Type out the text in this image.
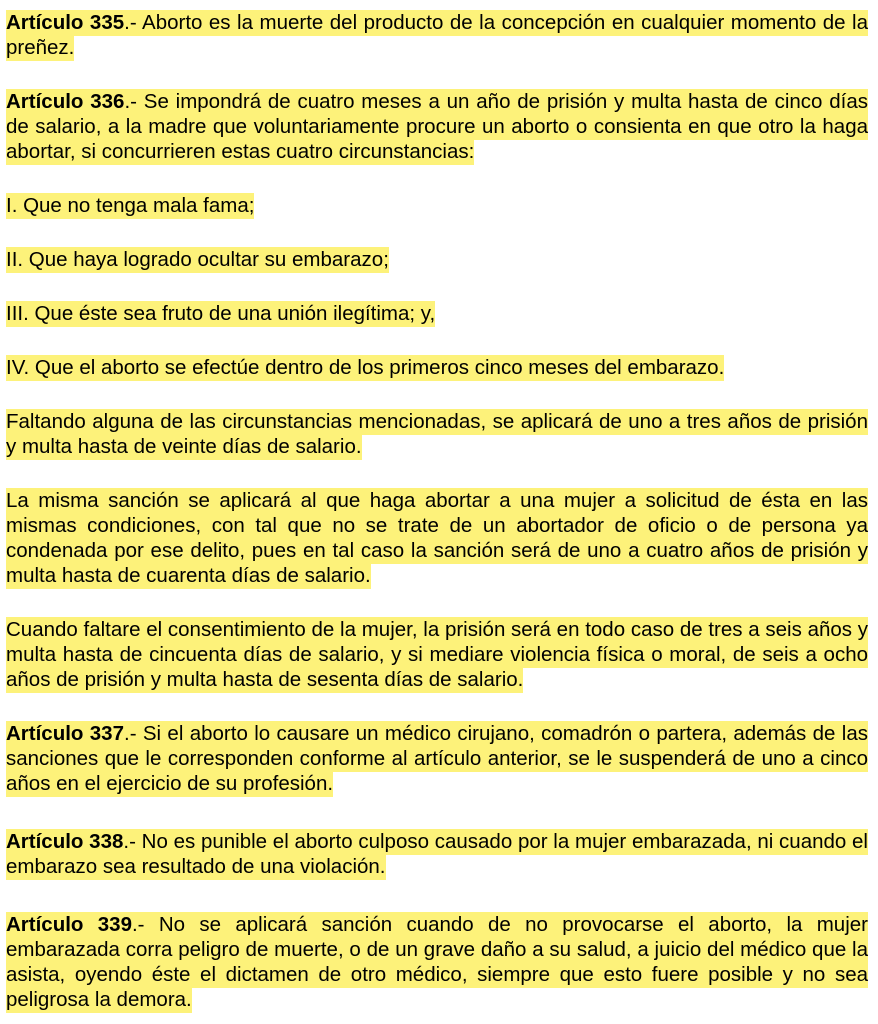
Artículo 335.- Aborto es la muerte del producto de la concepción en cualquier momento de la preñez.

Artículo 336.- Se impondrá de cuatro meses a un año de prisión y multa hasta de cinco días de salario, a la madre que voluntariamente procure un aborto o consienta en que otro la haga abortar, si concurrieren estas cuatro circunstancias:

I. Que no tenga mala fama;

II. Que haya logrado ocultar su embarazo;

III. Que éste sea fruto de una unión ilegítima; y,

IV. Que el aborto se efectúe dentro de los primeros cinco meses del embarazo.

Faltando alguna de las circunstancias mencionadas, se aplicará de uno a tres años de prisión y multa hasta de veinte días de salario.

La misma sanción se aplicará al que haga abortar a una mujer a solicitud de ésta en las mismas condiciones, con tal que no se trate de un abortador de oficio o de persona ya condenada por ese delito, pues en tal caso la sanción será de uno a cuatro años de prisión y multa hasta de cuarenta días de salario.

Cuando faltare el consentimiento de la mujer, la prisión será en todo caso de tres a seis años y multa hasta de cincuenta días de salario, y si mediare violencia física o moral, de seis a ocho años de prisión y multa hasta de sesenta días de salario.

Artículo 337.- Si el aborto lo causare un médico cirujano, comadrón o partera, además de las sanciones que le corresponden conforme al artículo anterior, se le suspenderá de uno a cinco años en el ejercicio de su profesión.

Artículo 338.- No es punible el aborto culposo causado por la mujer embarazada, ni cuando el embarazo sea resultado de una violación.

Artículo 339.- No se aplicará sanción cuando de no provocarse el aborto, la mujer embarazada corra peligro de muerte, o de un grave daño a su salud, a juicio del médico que la asista, oyendo éste el dictamen de otro médico, siempre que esto fuere posible y no sea peligrosa la demora.
